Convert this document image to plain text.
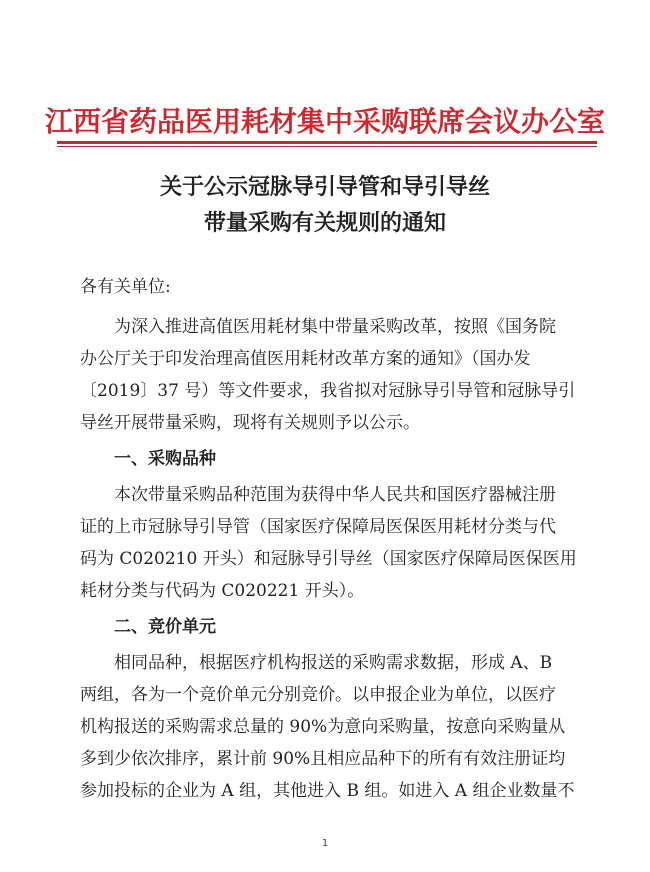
江西省药品医用耗材集中采购联席会议办公室
关于公示冠脉导引导管和导引导丝
带量采购有关规则的通知
各有关单位:
为深入推进高值医用耗材集中带量采购改革，按照《国务院
办公厅关于印发治理高值医用耗材改革方案的通知》（国办发
〔2019〕37 号）等文件要求，我省拟对冠脉导引导管和冠脉导引
导丝开展带量采购，现将有关规则予以公示。
一、采购品种
本次带量采购品种范围为获得中华人民共和国医疗器械注册
证的上市冠脉导引导管（国家医疗保障局医保医用耗材分类与代
码为 C020210 开头）和冠脉导引导丝（国家医疗保障局医保医用
耗材分类与代码为 C020221 开头）。
二、竞价单元
相同品种，根据医疗机构报送的采购需求数据，形成 A、B
两组，各为一个竞价单元分别竞价。以申报企业为单位，以医疗
机构报送的采购需求总量的 90%为意向采购量，按意向采购量从
多到少依次排序，累计前 90%且相应品种下的所有有效注册证均
参加投标的企业为 A 组，其他进入 B 组。如进入 A 组企业数量不
1
